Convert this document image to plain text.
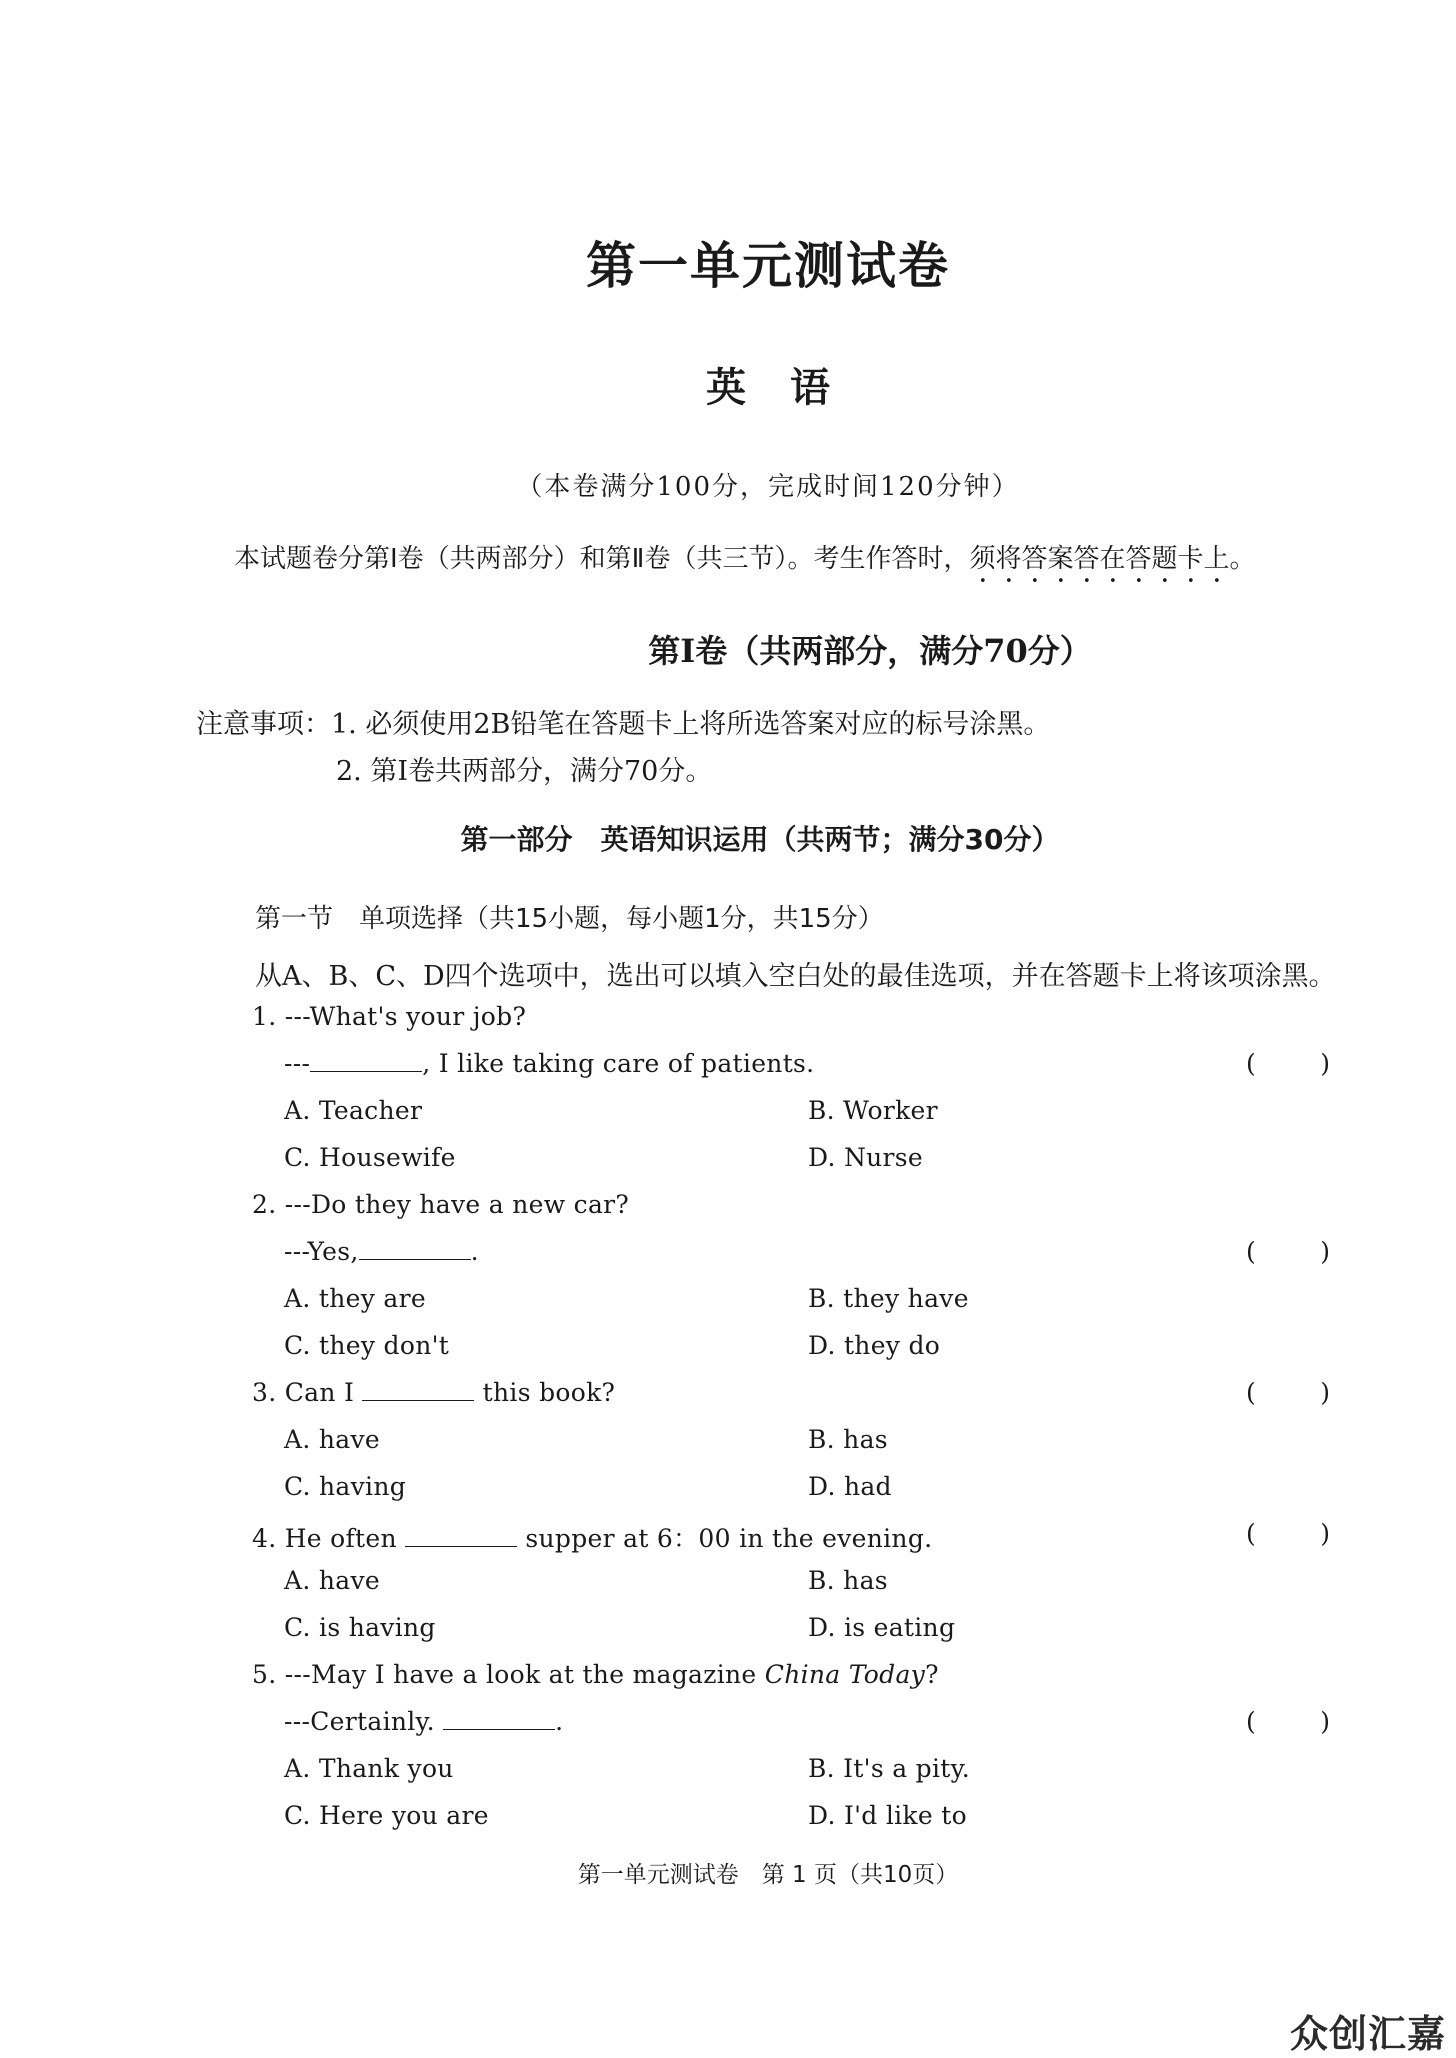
第一单元测试卷
英语
（本卷满分100分，完成时间120分钟）
本试题卷分第Ⅰ卷（共两部分）和第Ⅱ卷（共三节）。考生作答时，须将答案答在答题卡上。
第Ⅰ卷（共两部分，满分70分）
注意事项：1. 必须使用2B铅笔在答题卡上将所选答案对应的标号涂黑。
2. 第Ⅰ卷共两部分，满分70分。
第一部分　英语知识运用（共两节；满分30分）
第一节　单项选择（共15小题，每小题1分，共15分）
从A、B、C、D四个选项中，选出可以填入空白处的最佳选项，并在答题卡上将该项涂黑。
1. ---What's your job?
---	, I like taking care of patients.	(	)
A. Teacher	B. Worker
C. Housewife	D. Nurse
2. ---Do they have a new car?
---Yes,	.	(	)
A. they are	B. they have
C. they don't	D. they do
3. Can I	this book?	(	)
A. have	B. has
C. having	D. had
4. He often	supper at 6：00 in the evening.	(	)
A. have	B. has
C. is having	D. is eating
5. ---May I have a look at the magazine China Today?
---Certainly.	.	(	)
A. Thank you	B. It's a pity.
C. Here you are	D. I'd like to
第一单元测试卷　第 1 页（共10页）
众创汇嘉
